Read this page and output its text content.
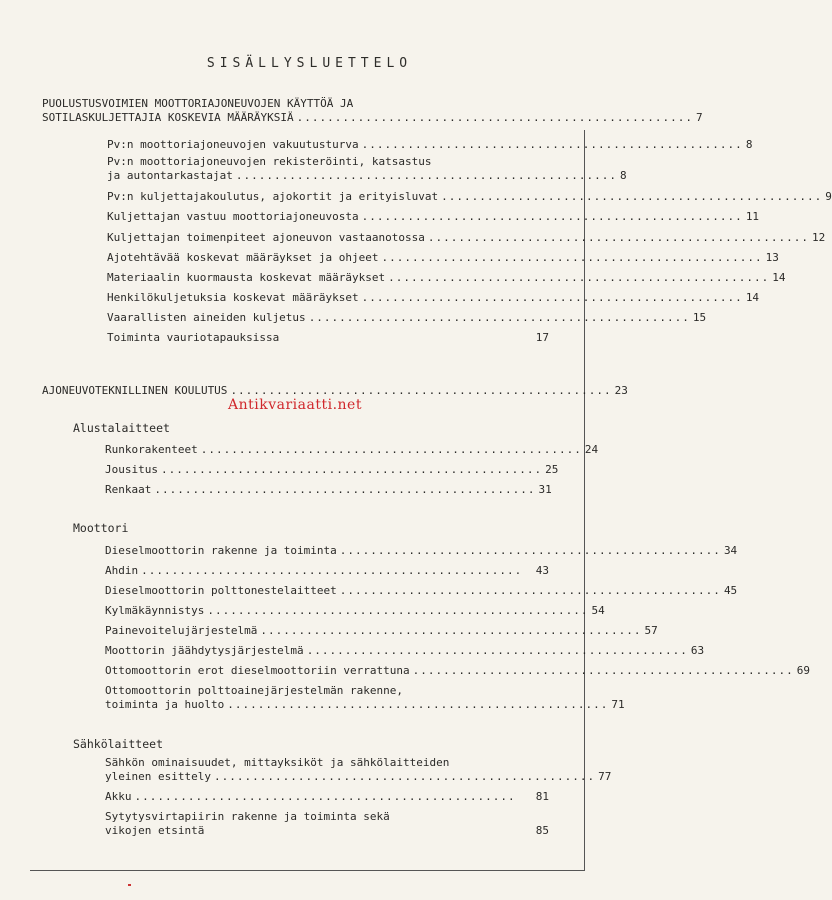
SISÄLLYSLUETTELO
PUOLUSTUSVOIMIEN MOOTTORIAJONEUVOJEN KÄYTTÖÄ JA
SOTILASKULJETTAJIA KOSKEVIA MÄÄRÄYKSIÄ .................................................... 7
Pv:n moottoriajoneuvojen vakuutusturva .................................................. 8
Pv:n moottoriajoneuvojen rekisteröinti, katsastus
ja autontarkastajat .................................................. 8
Pv:n kuljettajakoulutus, ajokortit ja erityisluvat .................................................. 9
Kuljettajan vastuu moottoriajoneuvosta .................................................. 11
Kuljettajan toimenpiteet ajoneuvon vastaanotossa .................................................. 12
Ajotehtävää koskevat määräykset ja ohjeet .................................................. 13
Materiaalin kuormausta koskevat määräykset .................................................. 14
Henkilökuljetuksia koskevat määräykset .................................................. 14
Vaarallisten aineiden kuljetus .................................................. 15
Toiminta vauriotapauksissa	17
AJONEUVOTEKNILLINEN KOULUTUS .................................................. 23
Antikvariaatti.net
Alustalaitteet
Runkorakenteet .................................................. 24
Jousitus .................................................. 25
Renkaat .................................................. 31
Moottori
Dieselmoottorin rakenne ja toiminta .................................................. 34
Ahdin ..................................................	43
Dieselmoottorin polttonestelaitteet .................................................. 45
Kylmäkäynnistys .................................................. 54
Painevoitelujärjestelmä .................................................. 57
Moottorin jäähdytysjärjestelmä .................................................. 63
Ottomoottorin erot dieselmoottoriin verrattuna .................................................. 69
Ottomoottorin polttoainejärjestelmän rakenne,
toiminta ja huolto .................................................. 71
Sähkölaitteet
Sähkön ominaisuudet, mittayksiköt ja sähkölaitteiden
yleinen esittely .................................................. 77
Akku ..................................................	81
Sytytysvirtapiirin rakenne ja toiminta sekä
vikojen etsintä	85
